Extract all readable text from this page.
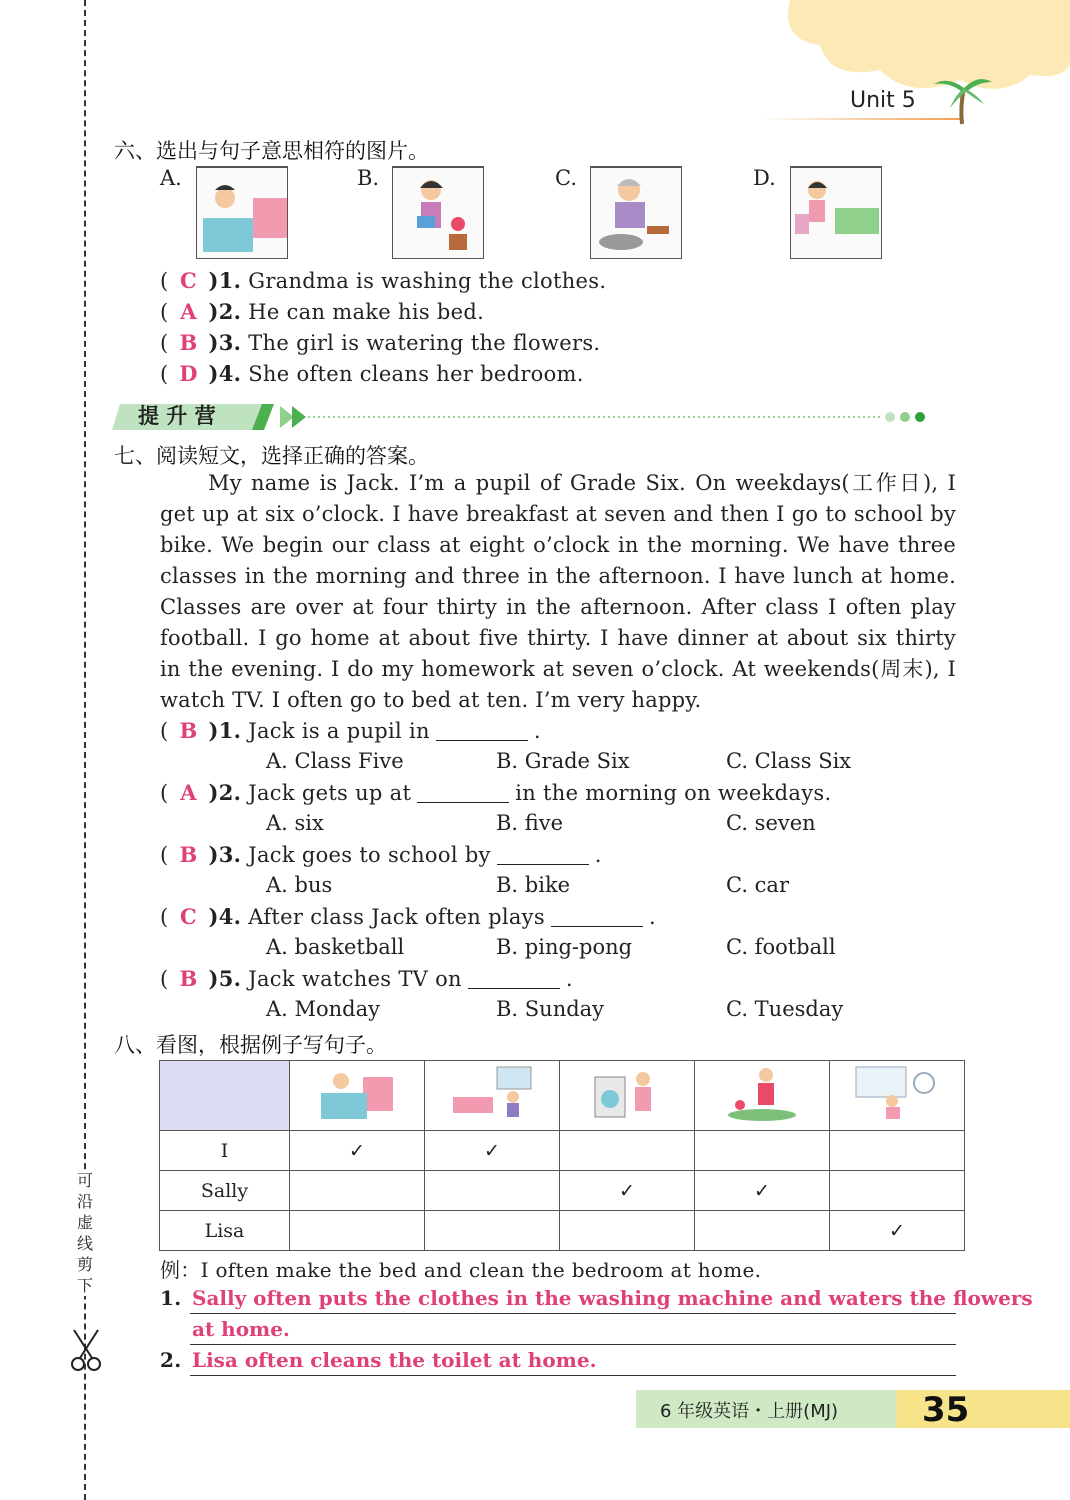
Unit 5
可沿虚线剪下
六、选出与句子意思相符的图片。
A.	B.	C.	D.
( C )1. Grandma is washing the clothes.
( A )2. He can make his bed.
( B )3. The girl is watering the flowers.
( D )4. She often cleans her bedroom.
提 升 营
七、阅读短文，选择正确的答案。

My name is Jack. I’m a pupil of Grade Six. On weekdays(工作日), I get up at six o’clock. I have breakfast at seven and then I go to school by bike. We begin our class at eight o’clock in the morning. We have three classes in the morning and three in the afternoon. I have lunch at home. Classes are over at four thirty in the afternoon. After class I often play football. I go home at about five thirty. I have dinner at about six thirty in the evening. I do my homework at seven o’clock. At weekends(周末), I watch TV. I often go to bed at ten. I’m very happy.

( B )1. Jack is a pupil in	.
A. Class Five	B. Grade Six	C. Class Six
( A )2. Jack gets up at	in the morning on weekdays.
A. six	B. five	C. seven
( B )3. Jack goes to school by	.
A. bus	B. bike	C. car
( C )4. After class Jack often plays	.
A. basketball	B. ping-pong	C. football
( B )5. Jack watches TV on	.
A. Monday	B. Sunday	C. Tuesday
八、看图，根据例子写句子。

I	✓	✓			
Sally			✓	✓	
Lisa					✓
例：I often make the bed and clean the bedroom at home.
1. Sally often puts the clothes in the washing machine and waters the flowers
at home.
2. Lisa often cleans the toilet at home.
6 年级英语・上册(MJ) 35
